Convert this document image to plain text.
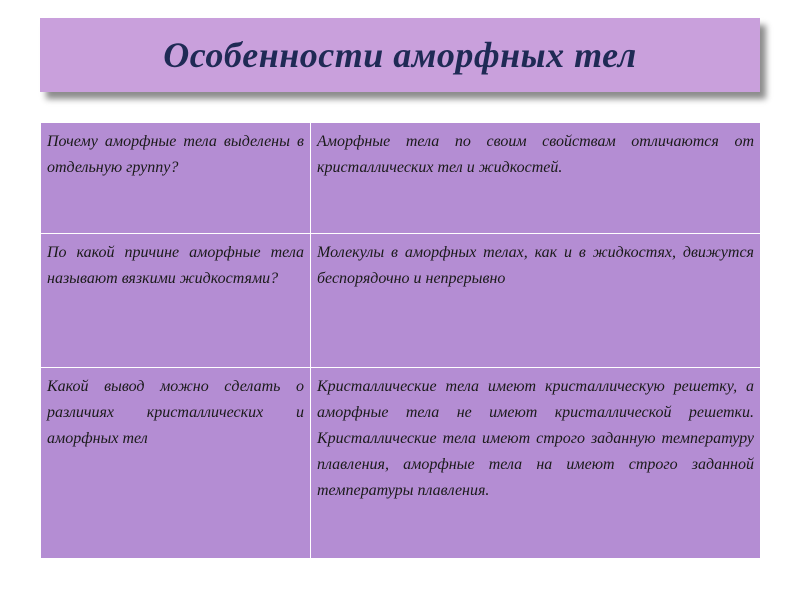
Особенности аморфных тел
Почему аморфные тела выделены в отдельную группу?	Аморфные тела по своим свойствам отличаются от кристаллических тел и жидкостей.
По какой причине аморфные тела называют вязкими жидкостями?	Молекулы в аморфных телах, как и в жидкостях, движутся беспорядочно и непрерывно
Какой вывод можно сделать о различиях кристаллических и аморфных тел	Кристаллические тела имеют кристаллическую решетку, а аморфные тела не имеют кристаллической решетки. Кристаллические тела имеют строго заданную температуру плавления, аморфные тела на имеют строго заданной температуры плавления.
